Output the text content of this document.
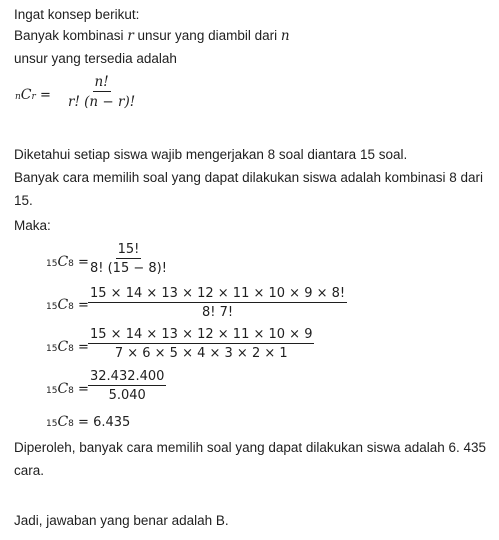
Ingat konsep berikut:
Banyak kombinasi r unsur yang diambil dari n
unsur yang tersedia adalah
nCr = $\frac{n!}{r! (n - r)!}$
Diketahui setiap siswa wajib mengerjakan 8 soal diantara 15 soal.
Banyak cara memilih soal yang dapat dilakukan siswa adalah kombinasi 8 dari 15.
Maka:
$15C8 = \frac{15!}{8! (15 - 8)!}$
$15C8 = \frac{15 \times 14 \times 13 \times 12 \times 11 \times 10 \times 9 \times 8!}{8! 7!}$
$15C8 = \frac{15 \times 14 \times 13 \times 12 \times 11 \times 10 \times 9}{7 \times 6 \times 5 \times 4 \times 3 \times 2 \times 1}$
$15C8 = \frac{32.432.400}{5.040}$
15C8 = 6.435
Diperoleh, banyak cara memilih soal yang dapat dilakukan siswa adalah 6. 435 cara.
Jadi, jawaban yang benar adalah B.
